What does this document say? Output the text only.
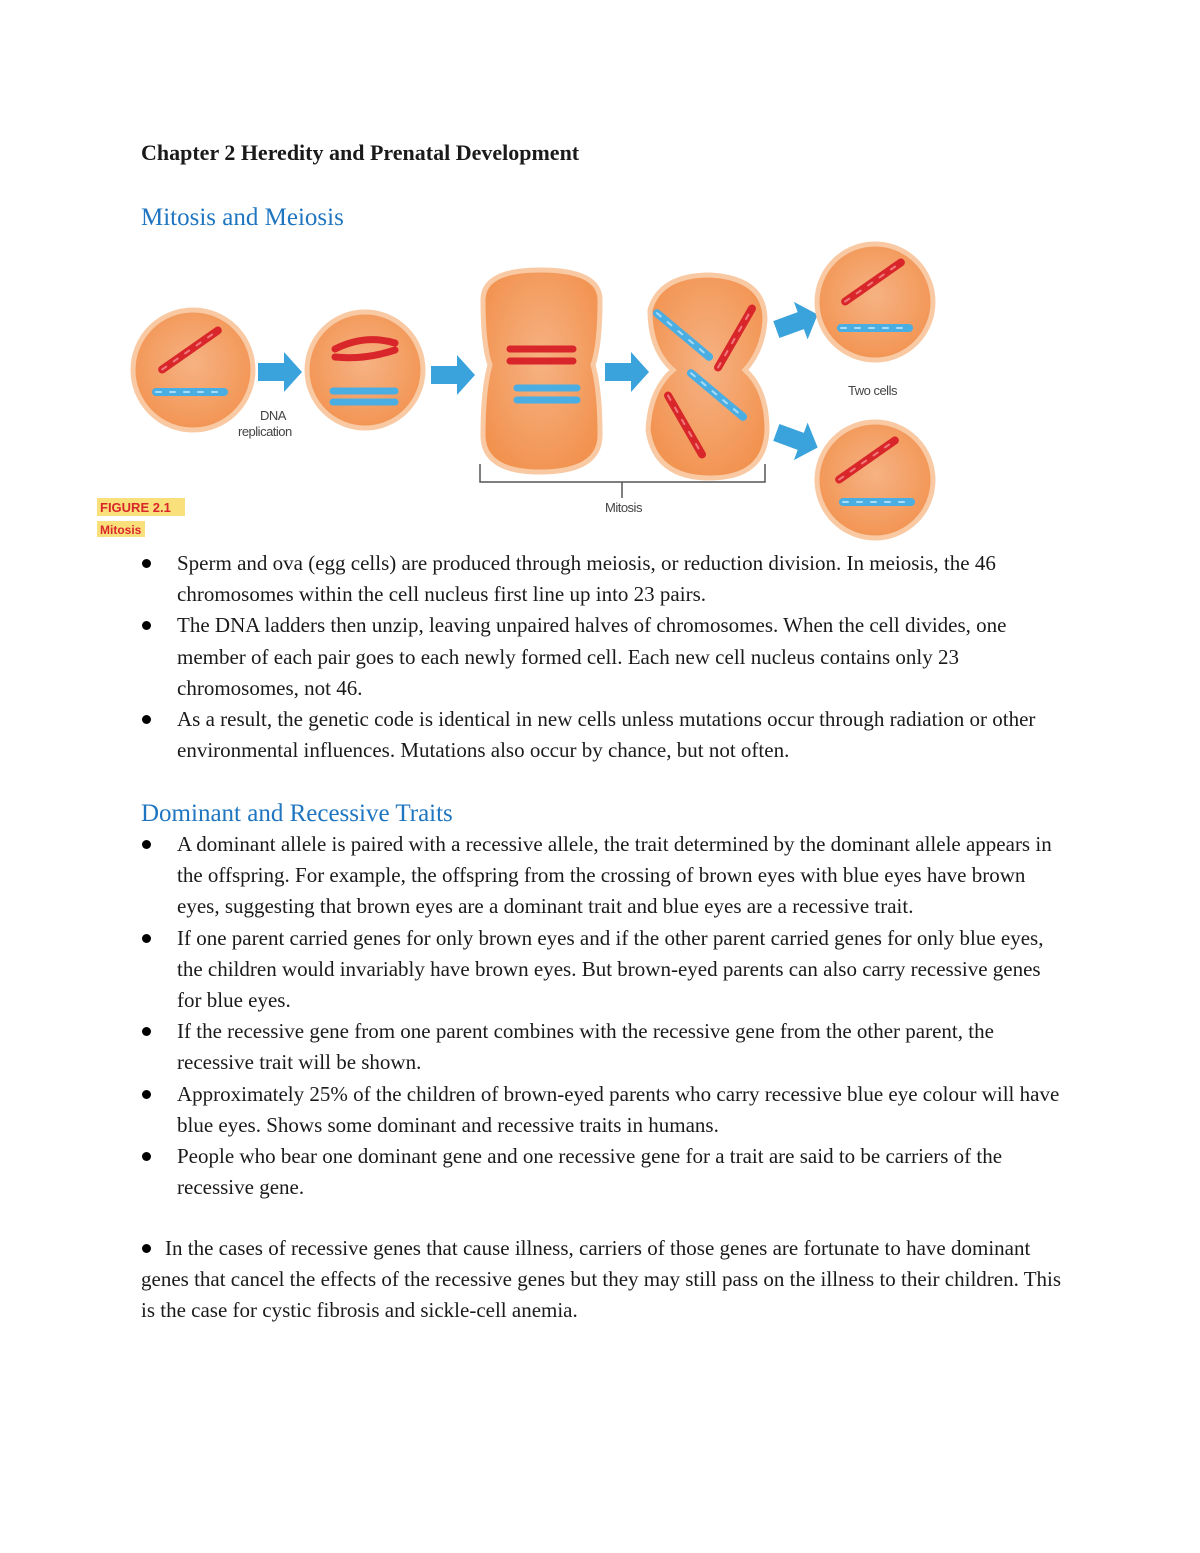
Chapter 2 Heredity and Prenatal Development
Mitosis and Meiosis
DNA
replication
Two cells
Mitosis
FIGURE 2.1
Mitosis
Sperm and ova (egg cells) are produced through meiosis, or reduction division. In meiosis, the 46 chromosomes within the cell nucleus first line up into 23 pairs.
The DNA ladders then unzip, leaving unpaired halves of chromosomes. When the cell divides, one member of each pair goes to each newly formed cell. Each new cell nucleus contains only 23 chromosomes, not 46.
As a result, the genetic code is identical in new cells unless mutations occur through radiation or other environmental influences. Mutations also occur by chance, but not often.
Dominant and Recessive Traits
A dominant allele is paired with a recessive allele, the trait determined by the dominant allele appears in the offspring. For example, the offspring from the crossing of brown eyes with blue eyes have brown eyes, suggesting that brown eyes are a dominant trait and blue eyes are a recessive trait.
If one parent carried genes for only brown eyes and if the other parent carried genes for only blue eyes, the children would invariably have brown eyes. But brown-eyed parents can also carry recessive genes for blue eyes.
If the recessive gene from one parent combines with the recessive gene from the other parent, the recessive trait will be shown.
Approximately 25% of the children of brown-eyed parents who carry recessive blue eye colour will have blue eyes. Shows some dominant and recessive traits in humans.
People who bear one dominant gene and one recessive gene for a trait are said to be carriers of the recessive gene.

In the cases of recessive genes that cause illness, carriers of those genes are fortunate to have dominant genes that cancel the effects of the recessive genes but they may still pass on the illness to their children. This is the case for cystic fibrosis and sickle-cell anemia.
